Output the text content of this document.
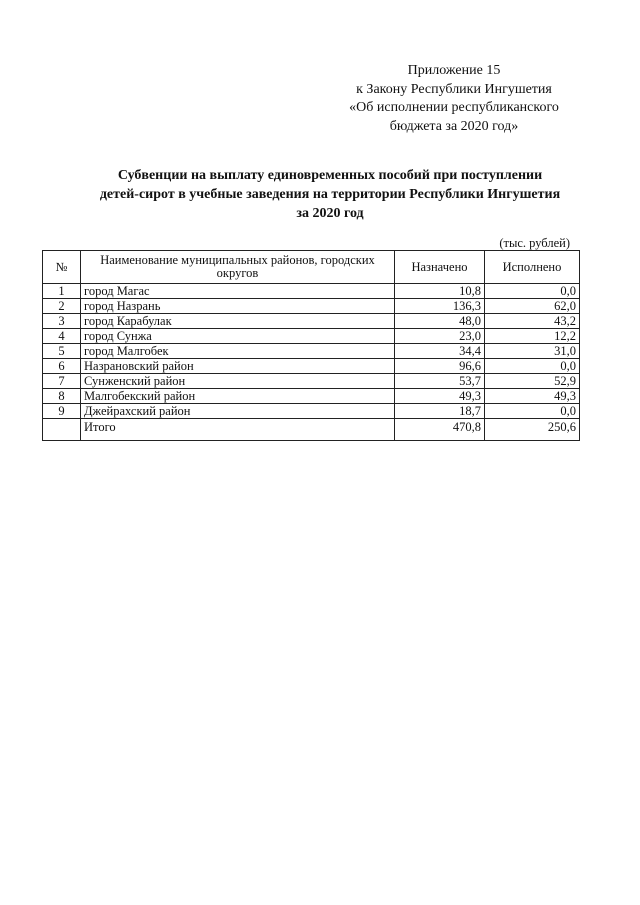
Приложение 15
к Закону Республики Ингушетия
«Об исполнении республиканского
бюджета за 2020 год»
Субвенции на выплату единовременных пособий при поступлении
детей-сирот в учебные заведения на территории Республики Ингушетия
за 2020 год
(тыс. рублей)
№	Наименование муниципальных районов, городских округов	Назначено	Исполнено
1	город Магас	10,8	0,0
2	город Назрань	136,3	62,0
3	город Карабулак	48,0	43,2
4	город Сунжа	23,0	12,2
5	город Малгобек	34,4	31,0
6	Назрановский район	96,6	0,0
7	Сунженский район	53,7	52,9
8	Малгобекский район	49,3	49,3
9	Джейрахский район	18,7	0,0
	Итого	470,8	250,6
